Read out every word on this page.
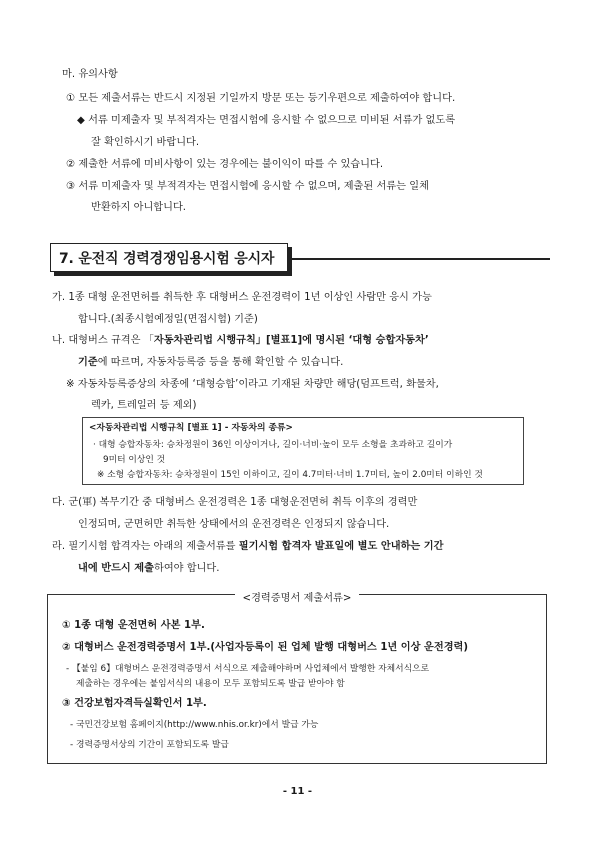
마. 유의사항
① 모든 제출서류는 반드시 지정된 기일까지 방문 또는 등기우편으로 제출하여야 합니다.
◆ 서류 미제출자 및 부적격자는 면접시험에 응시할 수 없으므로 미비된 서류가 없도록
잘 확인하시기 바랍니다.
② 제출한 서류에 미비사항이 있는 경우에는 불이익이 따를 수 있습니다.
③ 서류 미제출자 및 부적격자는 면접시험에 응시할 수 없으며, 제출된 서류는 일체
반환하지 아니합니다.
7. 운전직 경력경쟁임용시험 응시자
가. 1종 대형 운전면허를 취득한 후 대형버스 운전경력이 1년 이상인 사람만 응시 가능
합니다.(최종시험예정일(면접시험) 기준)
나. 대형버스 규격은 「자동차관리법 시행규칙」[별표1]에 명시된 ‘대형 승합자동차’
기준에 따르며, 자동차등록증 등을 통해 확인할 수 있습니다.
※ 자동차등록증상의 차종에 ‘대형승합’이라고 기재된 차량만 해당(덤프트럭, 화물차,
렉카, 트레일러 등 제외)
<자동차관리법 시행규칙 [별표 1] - 자동차의 종류>
· 대형 승합자동차: 승차정원이 36인 이상이거나, 길이·너비·높이 모두 소형을 초과하고 길이가
9미터 이상인 것
※ 소형 승합자동차: 승차정원이 15인 이하이고, 길이 4.7미터·너비 1.7미터, 높이 2.0미터 이하인 것
다. 군(軍) 복무기간 중 대형버스 운전경력은 1종 대형운전면허 취득 이후의 경력만
인정되며, 군면허만 취득한 상태에서의 운전경력은 인정되지 않습니다.
라. 필기시험 합격자는 아래의 제출서류를 필기시험 합격자 발표일에 별도 안내하는 기간
내에 반드시 제출하여야 합니다.
<경력증명서 제출서류>
① 1종 대형 운전면허 사본 1부.
② 대형버스 운전경력증명서 1부.(사업자등록이 된 업체 발행 대형버스 1년 이상 운전경력)
- 【붙임 6】대형버스 운전경력증명서 서식으로 제출해야하며 사업체에서 발행한 자체서식으로
제출하는 경우에는 붙임서식의 내용이 모두 포함되도록 발급 받아야 함
③ 건강보험자격득실확인서 1부.
- 국민건강보험 홈페이지(http://www.nhis.or.kr)에서 발급 가능
- 경력증명서상의 기간이 포함되도록 발급
- 11 -
